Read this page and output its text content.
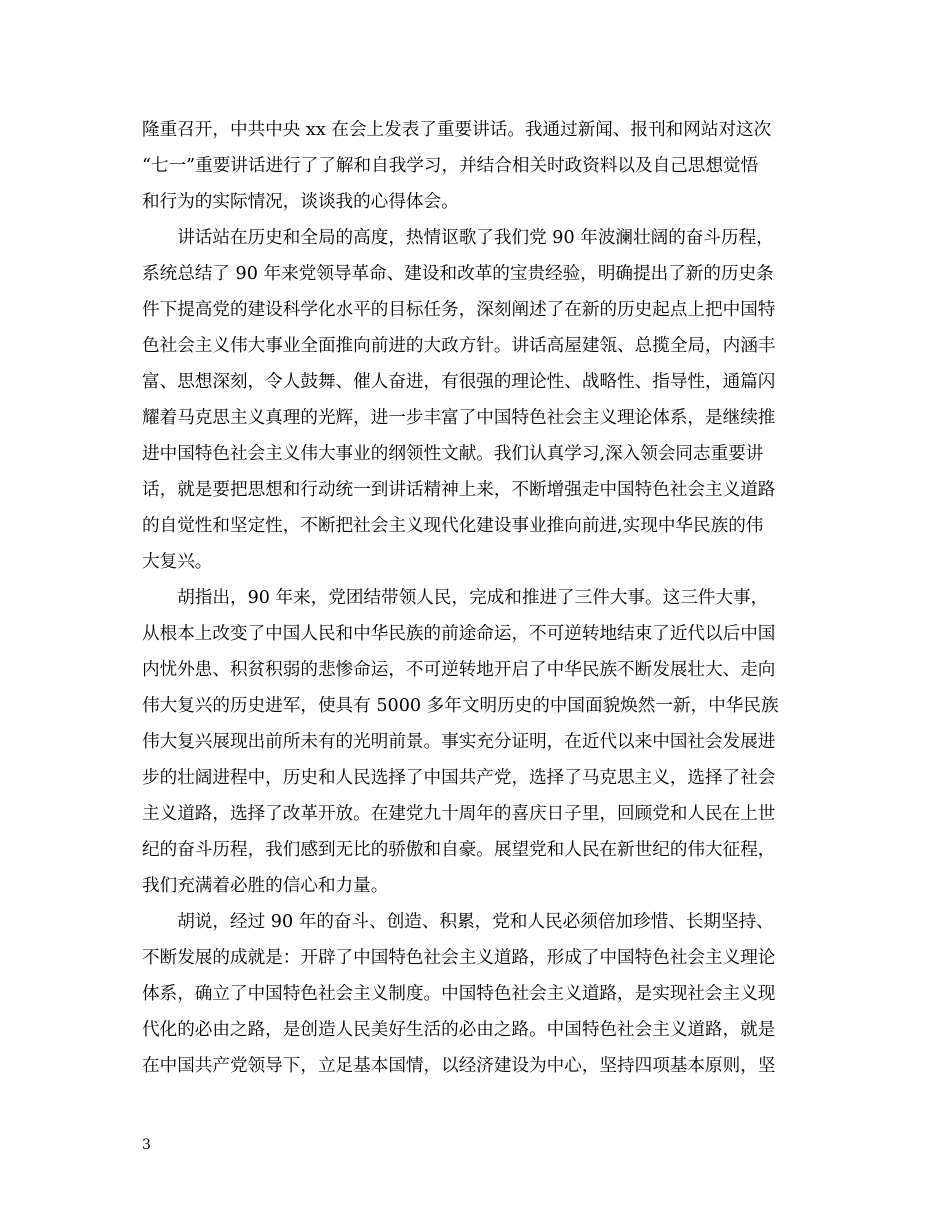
隆重召开，中共中央 xx 在会上发表了重要讲话。我通过新闻、报刊和网站对这次
“七一”重要讲话进行了了解和自我学习，并结合相关时政资料以及自己思想觉悟
和行为的实际情况，谈谈我的心得体会。
　　讲话站在历史和全局的高度，热情讴歌了我们党 90 年波澜壮阔的奋斗历程，
系统总结了 90 年来党领导革命、建设和改革的宝贵经验，明确提出了新的历史条
件下提高党的建设科学化水平的目标任务，深刻阐述了在新的历史起点上把中国特
色社会主义伟大事业全面推向前进的大政方针。讲话高屋建瓴、总揽全局，内涵丰
富、思想深刻，令人鼓舞、催人奋进，有很强的理论性、战略性、指导性，通篇闪
耀着马克思主义真理的光辉，进一步丰富了中国特色社会主义理论体系，是继续推
进中国特色社会主义伟大事业的纲领性文献。我们认真学习,深入领会同志重要讲
话，就是要把思想和行动统一到讲话精神上来，不断增强走中国特色社会主义道路
的自觉性和坚定性，不断把社会主义现代化建设事业推向前进,实现中华民族的伟
大复兴。
　　胡指出，90 年来，党团结带领人民，完成和推进了三件大事。这三件大事，
从根本上改变了中国人民和中华民族的前途命运，不可逆转地结束了近代以后中国
内忧外患、积贫积弱的悲惨命运，不可逆转地开启了中华民族不断发展壮大、走向
伟大复兴的历史进军，使具有 5000 多年文明历史的中国面貌焕然一新，中华民族
伟大复兴展现出前所未有的光明前景。事实充分证明，在近代以来中国社会发展进
步的壮阔进程中，历史和人民选择了中国共产党，选择了马克思主义，选择了社会
主义道路，选择了改革开放。在建党九十周年的喜庆日子里，回顾党和人民在上世
纪的奋斗历程，我们感到无比的骄傲和自豪。展望党和人民在新世纪的伟大征程，
我们充满着必胜的信心和力量。
　　胡说，经过 90 年的奋斗、创造、积累，党和人民必须倍加珍惜、长期坚持、
不断发展的成就是：开辟了中国特色社会主义道路，形成了中国特色社会主义理论
体系，确立了中国特色社会主义制度。中国特色社会主义道路，是实现社会主义现
代化的必由之路，是创造人民美好生活的必由之路。中国特色社会主义道路，就是
在中国共产党领导下，立足基本国情，以经济建设为中心，坚持四项基本原则，坚
3
